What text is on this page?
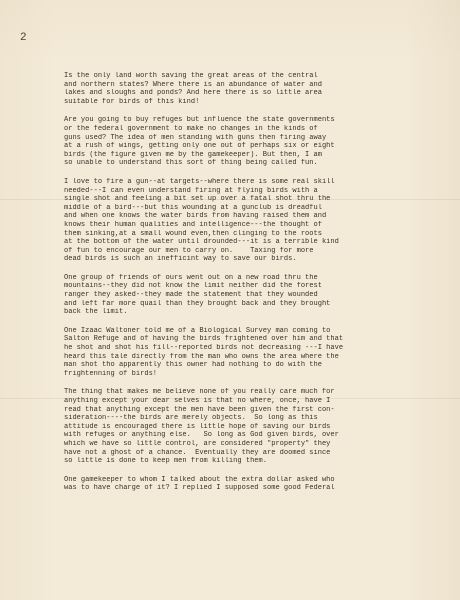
2
Is the only land worth saving the great areas of the central
and northern states? Where there is an abundance of water and
lakes and sloughs and ponds? And here there is so little area
suitable for birds of this kind!
Are you going to buy refuges but influence the state governments
or the federal government to make no changes in the kinds of
guns used? The idea of men standing with guns then firing away
at a rush of wings, getting only one out of perhaps six or eight
birds (the figure given me by the gamekeeper). But then, I am
so unable to understand this sort of thing being called fun.
I love to fire a gun--at targets--where there is some real skill
needed---I can even understand firing at flying birds with a
single shot and feeling a bit set up over a fatal shot thru the
middle of a bird---but this wounding at a gunclub is dreadful
and when one knows the water birds from having raised them and
knows their human qualities and intelligence---the thought of
them sinking,at a small wound even,then clinging to the roots
at the bottom of the water until drounded---it is a terrible kind
of fun to encourage our men to carry on.    Taxing for more
dead birds is such an inefficint way to save our birds.
One group of friends of ours went out on a new road thru the
mountains--they did not know the limit neither did the forest
ranger they asked--they made the statement that they wounded
and left far more quail than they brought back and they brought
back the limit.
One Izaac Waltoner told me of a Biological Survey man coming to
Salton Refuge and of having the birds frightened over him and that
he shot and shot his fill--reported birds not decreasing ---I have
heard this tale directly from the man who owns the area where the
man shot tho apparently this owner had nothing to do with the
frightenning of birds!
The thing that makes me believe none of you really care much for
anything except your dear selves is that no where, once, have I
read that anything except the men have been given the first con-
sideration----the birds are merely objects.  So long as this
attitude is encouraged there is little hope of saving our birds
with refuges or anything else.   So long as God given birds, over
which we have so little control, are considered "property" they
have not a ghost of a chance.  Eventually they are doomed since
so little is done to keep men from killing them.
One gamekeeper to whom I talked about the extra dollar asked who
was to have charge of it? I replied I supposed some good Federal
